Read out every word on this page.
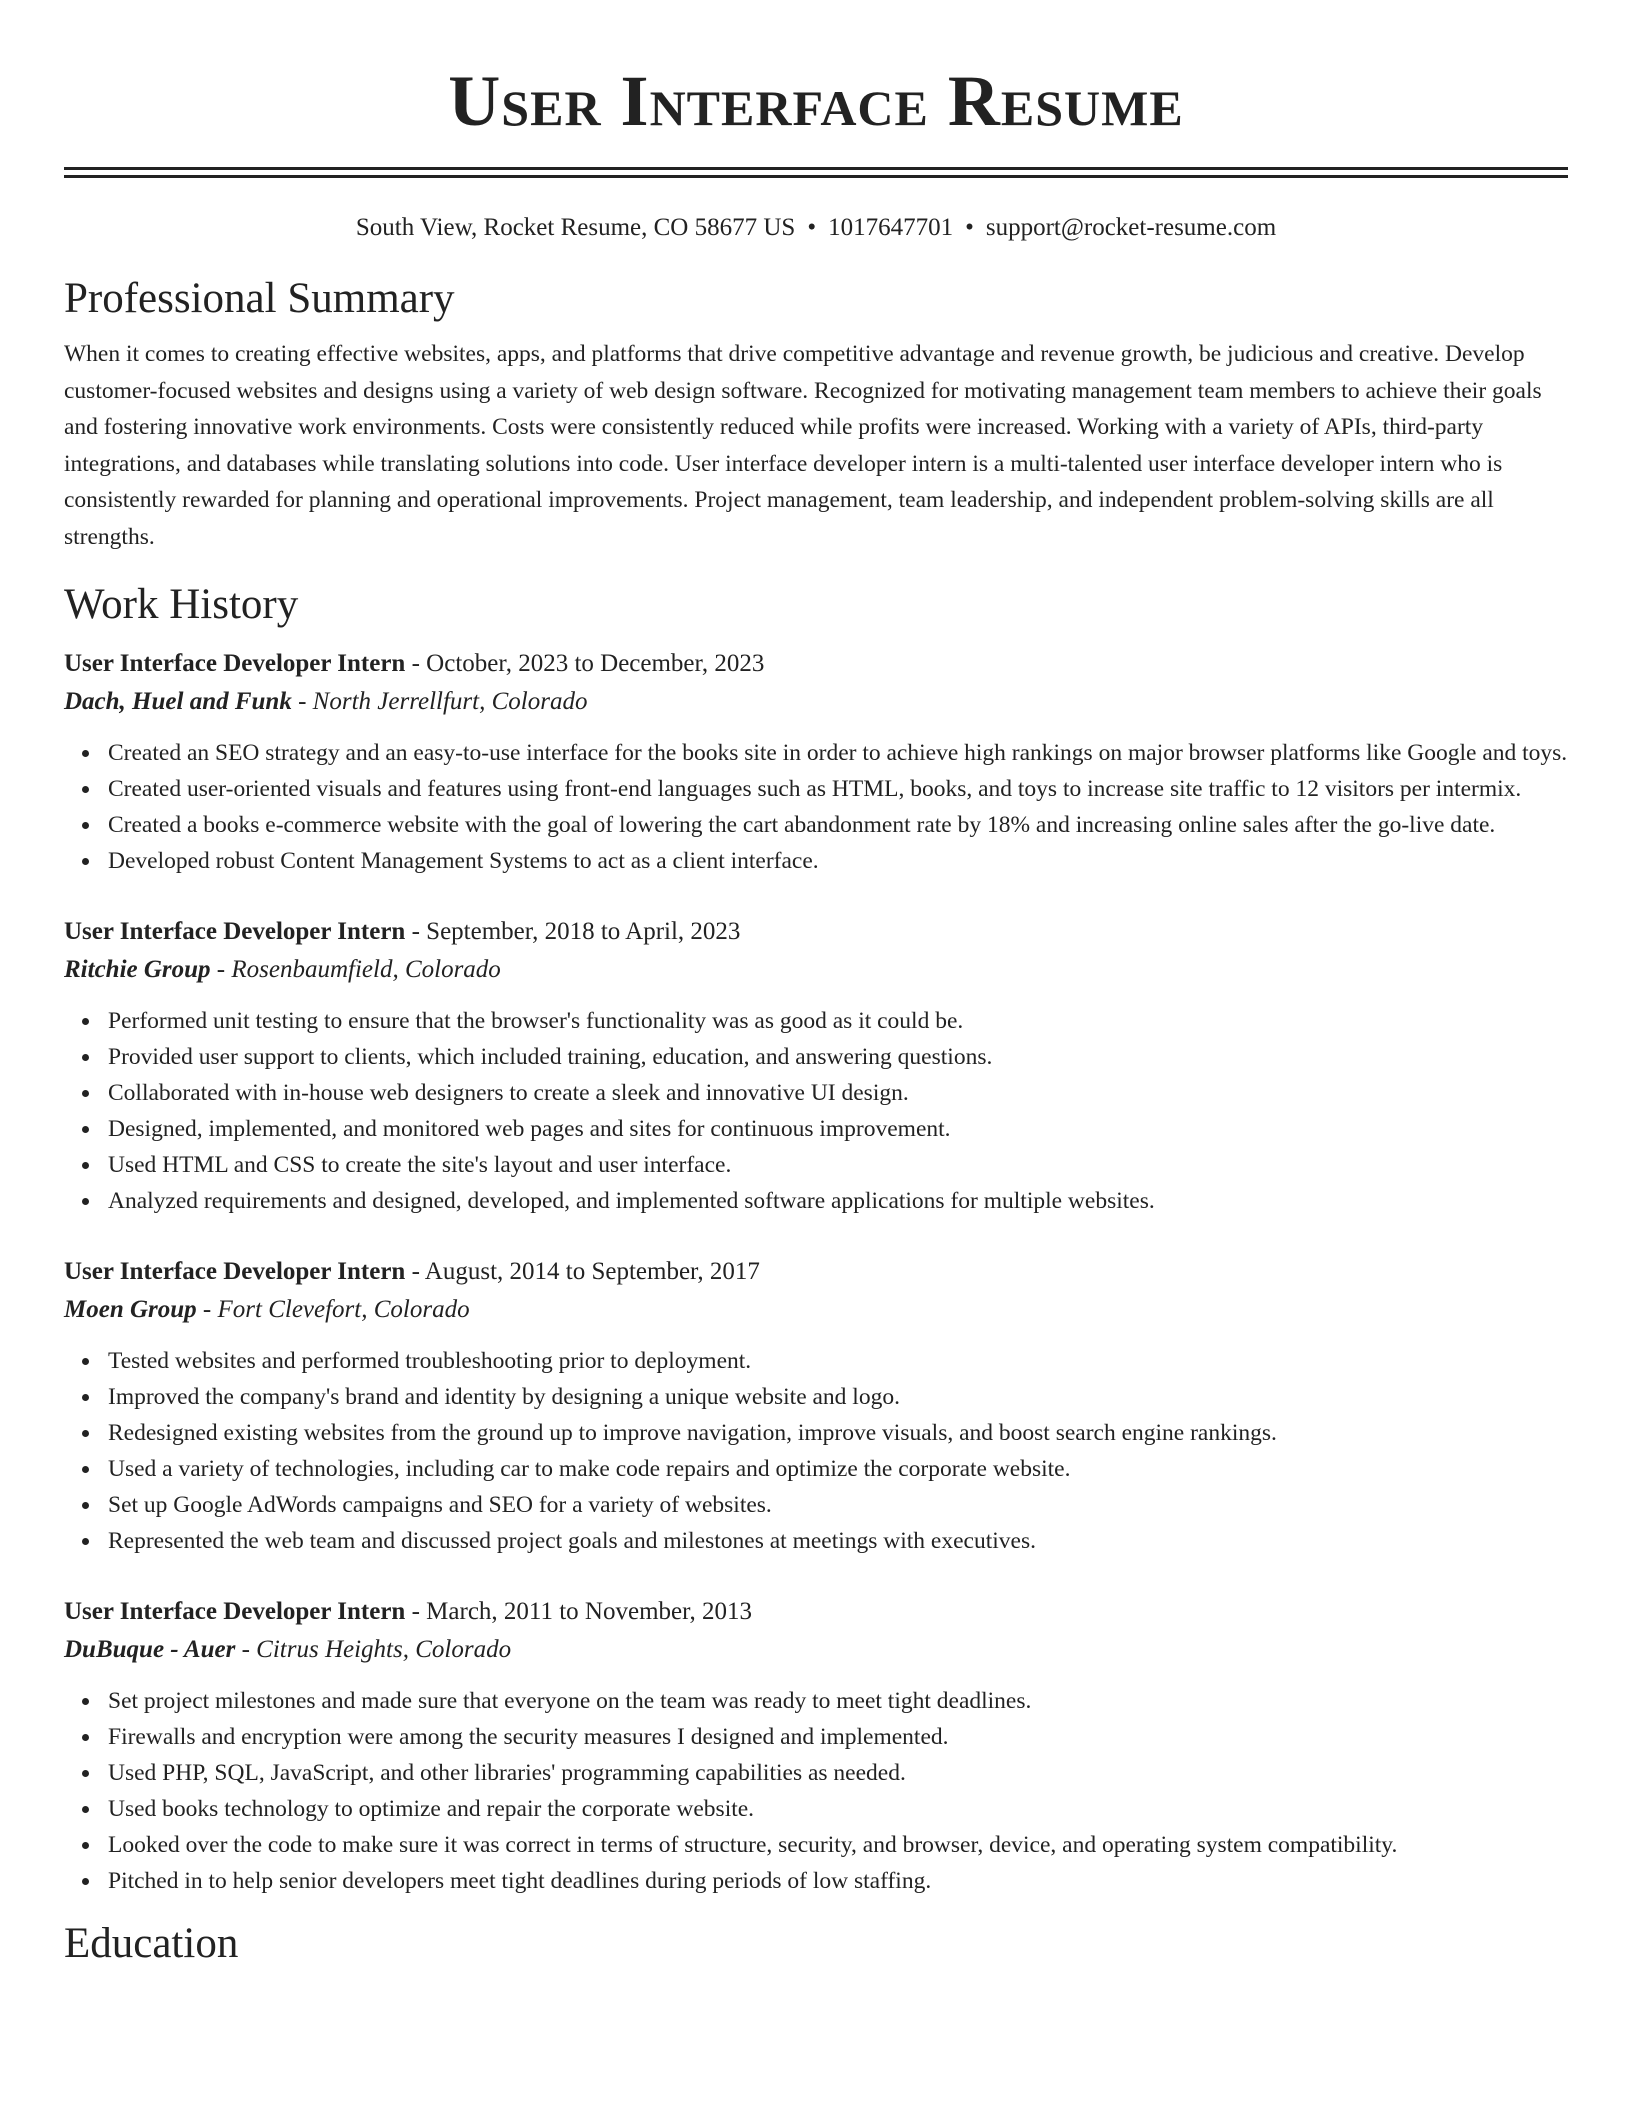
User Interface Resume
South View, Rocket Resume, CO 58677 US • 1017647701 • support@rocket-resume.com
Professional Summary

When it comes to creating effective websites, apps, and platforms that drive competitive advantage and revenue growth, be judicious and creative. Develop customer-focused websites and designs using a variety of web design software. Recognized for motivating management team members to achieve their goals and fostering innovative work environments. Costs were consistently reduced while profits were increased. Working with a variety of APIs, third-party integrations, and databases while translating solutions into code. User interface developer intern is a multi-talented user interface developer intern who is consistently rewarded for planning and operational improvements. Project management, team leadership, and independent problem-solving skills are all strengths.

Work History
User Interface Developer Intern - October, 2023 to December, 2023
Dach, Huel and Funk - North Jerrellfurt, Colorado
Created an SEO strategy and an easy-to-use interface for the books site in order to achieve high rankings on major browser platforms like Google and toys.
Created user-oriented visuals and features using front-end languages such as HTML, books, and toys to increase site traffic to 12 visitors per intermix.
Created a books e-commerce website with the goal of lowering the cart abandonment rate by 18% and increasing online sales after the go-live date.
Developed robust Content Management Systems to act as a client interface.
User Interface Developer Intern - September, 2018 to April, 2023
Ritchie Group - Rosenbaumfield, Colorado
Performed unit testing to ensure that the browser's functionality was as good as it could be.
Provided user support to clients, which included training, education, and answering questions.
Collaborated with in-house web designers to create a sleek and innovative UI design.
Designed, implemented, and monitored web pages and sites for continuous improvement.
Used HTML and CSS to create the site's layout and user interface.
Analyzed requirements and designed, developed, and implemented software applications for multiple websites.
User Interface Developer Intern - August, 2014 to September, 2017
Moen Group - Fort Clevefort, Colorado
Tested websites and performed troubleshooting prior to deployment.
Improved the company's brand and identity by designing a unique website and logo.
Redesigned existing websites from the ground up to improve navigation, improve visuals, and boost search engine rankings.
Used a variety of technologies, including car to make code repairs and optimize the corporate website.
Set up Google AdWords campaigns and SEO for a variety of websites.
Represented the web team and discussed project goals and milestones at meetings with executives.
User Interface Developer Intern - March, 2011 to November, 2013
DuBuque - Auer - Citrus Heights, Colorado
Set project milestones and made sure that everyone on the team was ready to meet tight deadlines.
Firewalls and encryption were among the security measures I designed and implemented.
Used PHP, SQL, JavaScript, and other libraries' programming capabilities as needed.
Used books technology to optimize and repair the corporate website.
Looked over the code to make sure it was correct in terms of structure, security, and browser, device, and operating system compatibility.
Pitched in to help senior developers meet tight deadlines during periods of low staffing.
Education
